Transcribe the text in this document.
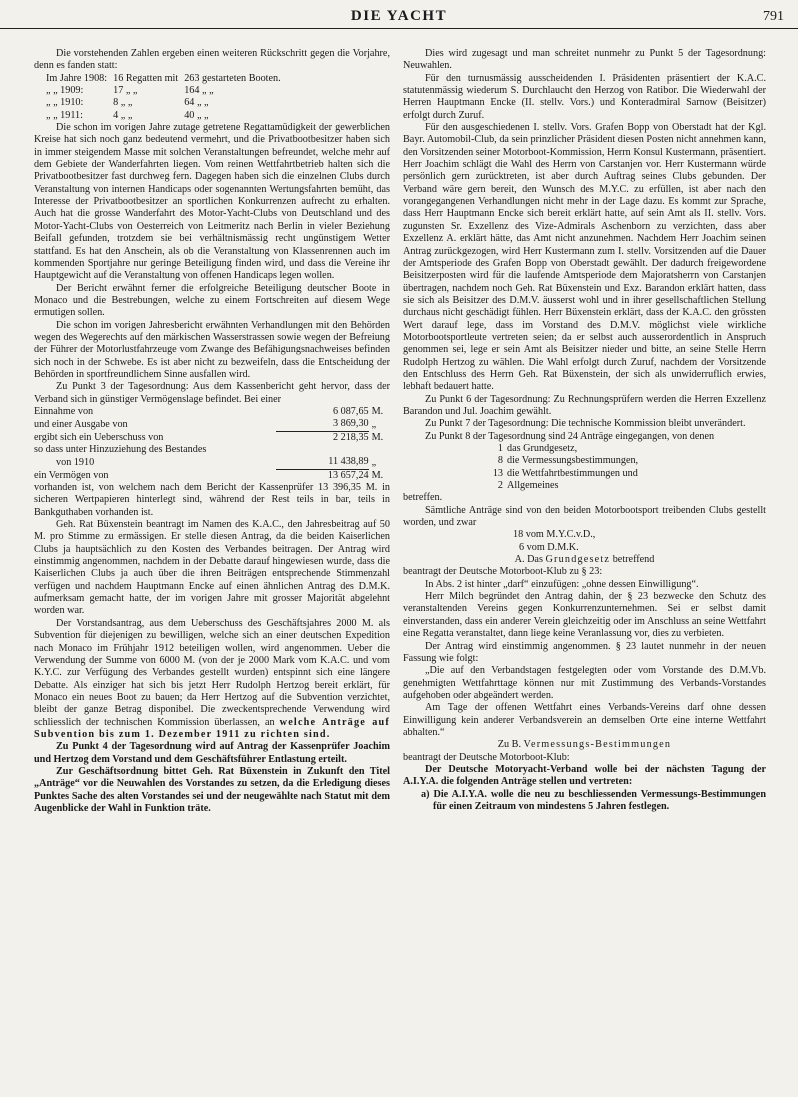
DIE YACHT	791

Die vorstehenden Zahlen ergeben einen weiteren Rückschritt gegen die Vorjahre, denn es fanden statt:

Im Jahre 1908:	16 Regatten mit	263 gestarteten Booten.
„ „ 1909:	17 „ „	164 „ „
„ „ 1910:	8 „ „	64 „ „
„ „ 1911:	4 „ „	40 „ „

Die schon im vorigen Jahre zutage getretene Regattamüdigkeit der gewerblichen Kreise hat sich noch ganz bedeutend vermehrt, und die Privatbootbesitzer haben sich in immer steigendem Masse mit solchen Veranstaltungen befreundet, welche mehr auf dem Gebiete der Wanderfahrten liegen. Vom reinen Wettfahrtbetrieb halten sich die Privatbootbesitzer fast durchweg fern. Dagegen haben sich die einzelnen Clubs durch Veranstaltung von internen Handicaps oder sogenannten Wertungsfahrten bemüht, das Interesse der Privatbootbesitzer an sportlichen Konkurrenzen aufrecht zu erhalten. Auch hat die grosse Wanderfahrt des Motor-Yacht-Clubs von Deutschland und des Motor-Yacht-Clubs von Oesterreich von Leitmeritz nach Berlin in vieler Beziehung Beifall gefunden, trotzdem sie bei verhältnismässig recht ungünstigem Wetter stattfand. Es hat den Anschein, als ob die Veranstaltung von Klassenrennen auch im kommenden Sportjahre nur geringe Beteiligung finden wird, und dass die Vereine ihr Hauptgewicht auf die Veranstaltung von offenen Handicaps legen wollen.

Der Bericht erwähnt ferner die erfolgreiche Beteiligung deutscher Boote in Monaco und die Bestrebungen, welche zu einem Fortschreiten auf diesem Wege ermutigen sollen.

Die schon im vorigen Jahresbericht erwähnten Verhandlungen mit den Behörden wegen des Wegerechts auf den märkischen Wasserstrassen sowie wegen der Befreiung der Führer der Motorlustfahrzeuge vom Zwange des Befähigungsnachweises befinden sich noch in der Schwebe. Es ist aber nicht zu bezweifeln, dass die Entscheidung der Behörden in sportfreundlichem Sinne ausfallen wird.

Zu Punkt 3 der Tagesordnung: Aus dem Kassenbericht geht hervor, dass der Verband sich in günstiger Vermögenslage befindet. Bei einer

Einnahme von	6 087,65	M.
und einer Ausgabe von	3 869,30	„
ergibt sich ein Ueberschuss von	2 218,35	M.
so dass unter Hinzuziehung des Bestandes		
von 1910	11 438,89	„
ein Vermögen von	13 657,24	M.

vorhanden ist, von welchem nach dem Bericht der Kassenprüfer 13 396,35 M. in sicheren Wertpapieren hinterlegt sind, während der Rest teils in bar, teils in Bankguthaben vorhanden ist.

Geh. Rat Büxenstein beantragt im Namen des K.A.C., den Jahresbeitrag auf 50 M. pro Stimme zu ermässigen. Er stelle diesen Antrag, da die beiden Kaiserlichen Clubs ja hauptsächlich zu den Kosten des Verbandes beitragen. Der Antrag wird einstimmig angenommen, nachdem in der Debatte darauf hingewiesen wurde, dass die Kaiserlichen Clubs ja auch über die ihren Beiträgen entsprechende Stimmenzahl verfügen und nachdem Hauptmann Encke auf einen ähnlichen Antrag des D.M.K. aufmerksam gemacht hatte, der im vorigen Jahre mit grosser Majorität abgelehnt worden war.

Der Vorstandsantrag, aus dem Ueberschuss des Geschäftsjahres 2000 M. als Subvention für diejenigen zu bewilligen, welche sich an einer deutschen Expedition nach Monaco im Frühjahr 1912 beteiligen wollen, wird angenommen. Ueber die Verwendung der Summe von 6000 M. (von der je 2000 Mark vom K.A.C. und vom K.Y.C. zur Verfügung des Verbandes gestellt wurden) entspinnt sich eine längere Debatte. Als einziger hat sich bis jetzt Herr Rudolph Hertzog bereit erklärt, für Monaco ein neues Boot zu bauen; da Herr Hertzog auf die Subvention verzichtet, bleibt der ganze Betrag disponibel. Die zweckentsprechende Verwendung wird schliesslich der technischen Kommission überlassen, an welche Anträge auf Subvention bis zum 1. Dezember 1911 zu richten sind.

Zu Punkt 4 der Tagesordnung wird auf Antrag der Kassenprüfer Joachim und Hertzog dem Vorstand und dem Geschäftsführer Entlastung erteilt.

Zur Geschäftsordnung bittet Geh. Rat Büxenstein in Zukunft den Titel „Anträge“ vor die Neuwahlen des Vorstandes zu setzen, da die Erledigung dieses Punktes Sache des alten Vorstandes sei und der neugewählte nach Statut mit dem Augenblicke der Wahl in Funktion träte.

Dies wird zugesagt und man schreitet nunmehr zu Punkt 5 der Tagesordnung: Neuwahlen.

Für den turnusmässig ausscheidenden I. Präsidenten präsentiert der K.A.C. statutenmässig wiederum S. Durchlaucht den Herzog von Ratibor. Die Wiederwahl der Herren Hauptmann Encke (II. stellv. Vors.) und Konteradmiral Sarnow (Beisitzer) erfolgt durch Zuruf.

Für den ausgeschiedenen I. stellv. Vors. Grafen Bopp von Oberstadt hat der Kgl. Bayr. Automobil-Club, da sein prinzlicher Präsident diesen Posten nicht annehmen kann, den Vorsitzenden seiner Motorboot-Kommission, Herrn Konsul Kustermann, präsentiert. Herr Joachim schlägt die Wahl des Herrn von Carstanjen vor. Herr Kustermann würde persönlich gern zurücktreten, ist aber durch Auftrag seines Clubs gebunden. Der Verband wäre gern bereit, den Wunsch des M.Y.C. zu erfüllen, ist aber nach den vorangegangenen Verhandlungen nicht mehr in der Lage dazu. Es kommt zur Sprache, dass Herr Hauptmann Encke sich bereit erklärt hatte, auf sein Amt als II. stellv. Vors. zugunsten Sr. Exzellenz des Vize-Admirals Aschenborn zu verzichten, dass aber Exzellenz A. erklärt hätte, das Amt nicht anzunehmen. Nachdem Herr Joachim seinen Antrag zurückgezogen, wird Herr Kustermann zum I. stellv. Vorsitzenden auf die Dauer der Amtsperiode des Grafen Bopp von Oberstadt gewählt. Der dadurch freigewordene Beisitzerposten wird für die laufende Amtsperiode dem Majoratsherrn von Carstanjen übertragen, nachdem noch Geh. Rat Büxenstein und Exz. Barandon erklärt hatten, dass sie sich als Beisitzer des D.M.V. äusserst wohl und in ihrer gesellschaftlichen Stellung durchaus nicht geschädigt fühlen. Herr Büxenstein erklärt, dass der K.A.C. den grössten Wert darauf lege, dass im Vorstand des D.M.V. möglichst viele wirkliche Motorbootsportleute vertreten seien; da er selbst auch ausserordentlich in Anspruch genommen sei, lege er sein Amt als Beisitzer nieder und bitte, an seine Stelle Herrn Rudolph Hertzog zu wählen. Die Wahl erfolgt durch Zuruf, nachdem der Vorsitzende den Entschluss des Herrn Geh. Rat Büxenstein, der sich als unwiderruflich erwies, lebhaft bedauert hatte.

Zu Punkt 6 der Tagesordnung: Zu Rechnungsprüfern werden die Herren Exzellenz Barandon und Jul. Joachim gewählt.

Zu Punkt 7 der Tagesordnung: Die technische Kommission bleibt unverändert.

Zu Punkt 8 der Tagesordnung sind 24 Anträge eingegangen, von denen

1	das Grundgesetz,
8	die Vermessungsbestimmungen,
13	die Wettfahrtbestimmungen und
2	Allgemeines

betreffen.

Sämtliche Anträge sind von den beiden Motorbootsport treibenden Clubs gestellt worden, und zwar

18 vom M.Y.C.v.D.,

6 vom D.M.K.

A. Das Grundgesetz betreffend

beantragt der Deutsche Motorboot-Klub zu § 23:

In Abs. 2 ist hinter „darf“ einzufügen: „ohne dessen Einwilligung“.

Herr Milch begründet den Antrag dahin, der § 23 bezwecke den Schutz des veranstaltenden Vereins gegen Konkurrenzunternehmen. Sei er selbst damit einverstanden, dass ein anderer Verein gleichzeitig oder im Anschluss an seine Wettfahrt eine Regatta veranstaltet, dann liege keine Veranlassung vor, dies zu verbieten.

Der Antrag wird einstimmig angenommen. § 23 lautet nunmehr in der neuen Fassung wie folgt:

„Die auf den Verbandstagen festgelegten oder vom Vorstande des D.M.Vb. genehmigten Wettfahrttage können nur mit Zustimmung des Verbands-Vorstandes aufgehoben oder abgeändert werden.

Am Tage der offenen Wettfahrt eines Verbands-Vereins darf ohne dessen Einwilligung kein anderer Verbandsverein an demselben Orte eine interne Wettfahrt abhalten.“

Zu B. Vermessungs-Bestimmungen

beantragt der Deutsche Motorboot-Klub:

Der Deutsche Motoryacht-Verband wolle bei der nächsten Tagung der A.I.Y.A. die folgenden Anträge stellen und vertreten:

a) Die A.I.Y.A. wolle die neu zu beschliessenden Vermessungs-Bestimmungen für einen Zeitraum von mindestens 5 Jahren festlegen.
